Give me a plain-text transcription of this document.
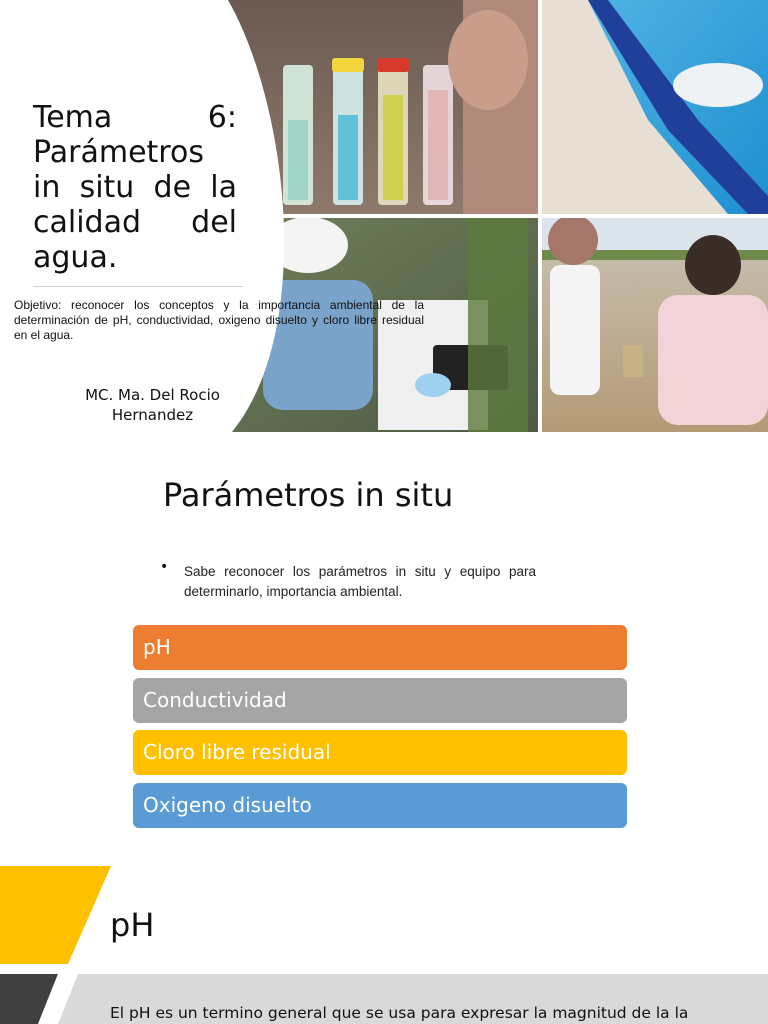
Tema 6: Parámetros in situ de la calidad del agua.
Objetivo: reconocer los conceptos y la importancia ambiental de la determinación de pH, conductividad, oxigeno disuelto y cloro libre residual en el agua.
MC. Ma. Del Rocio
Hernandez
Parámetros in situ
• Sabe reconocer los parámetros in situ y equipo para determinarlo, importancia ambiental.
pH
Conductividad
Cloro libre residual
Oxigeno disuelto
pH
El pH es un termino general que se usa para expresar la magnitud de la la
